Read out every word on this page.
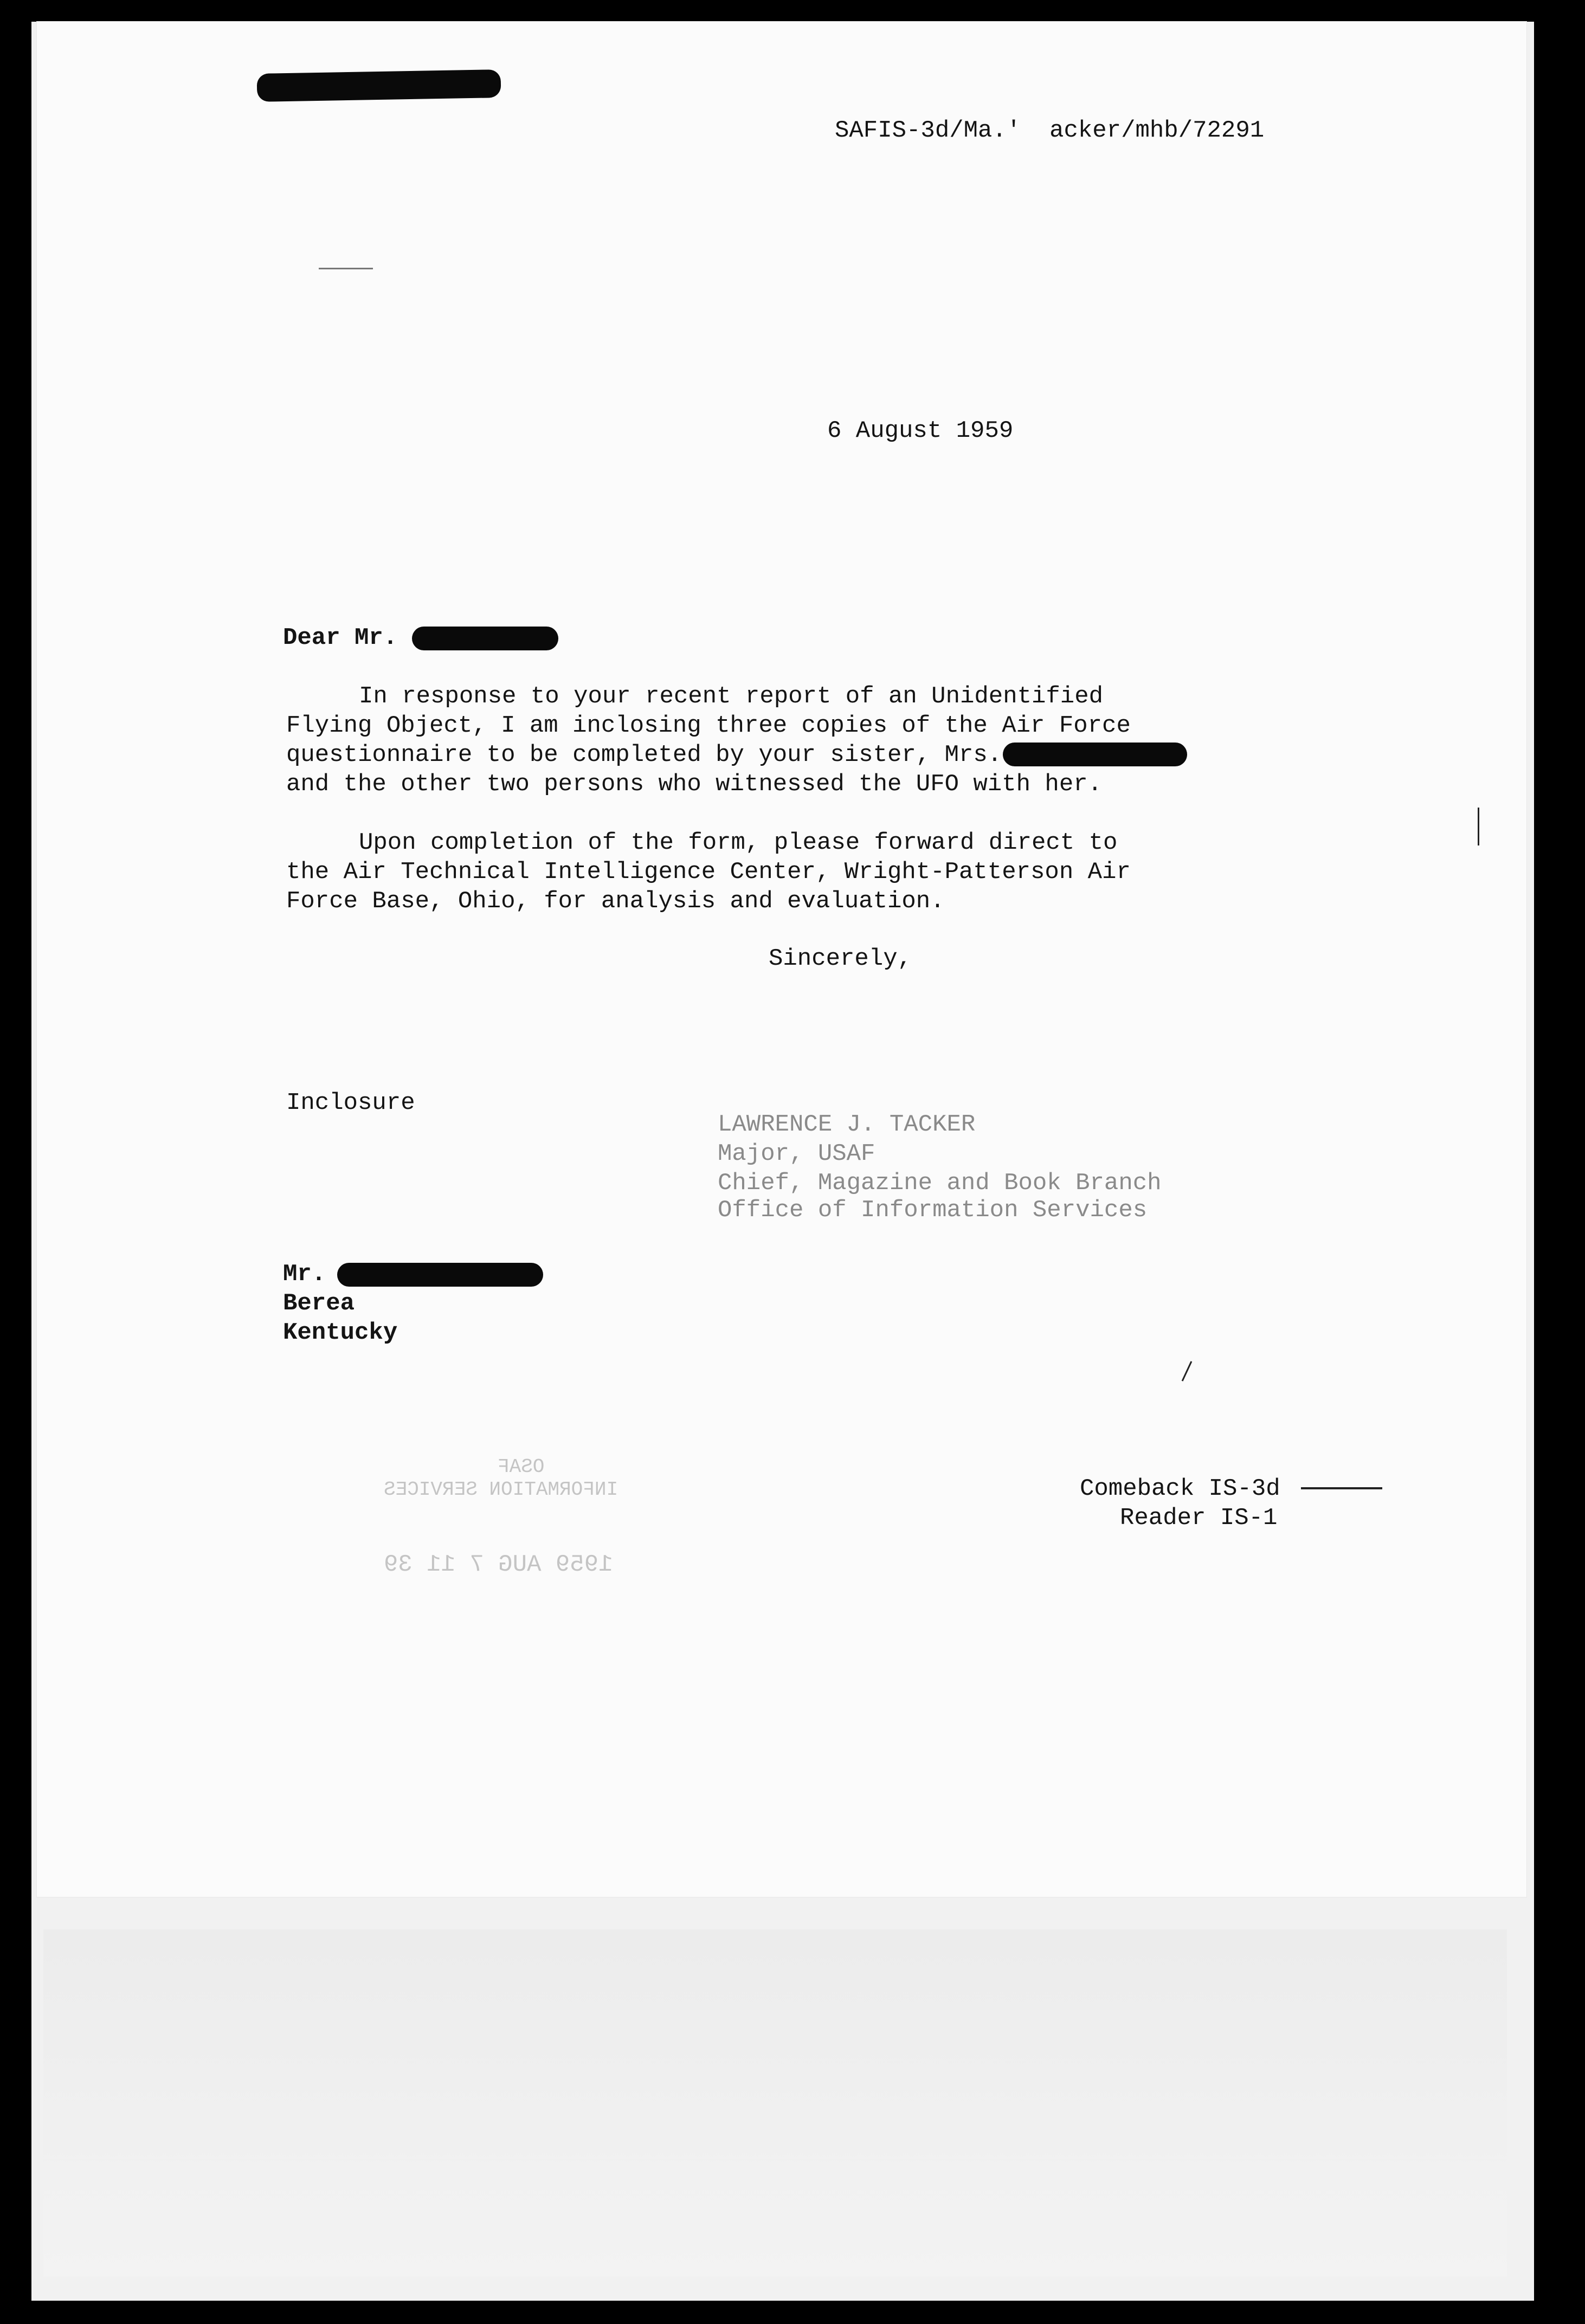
SAFIS-3d/Ma.'  acker/mhb/72291
6 August 1959
Dear Mr.
In response to your recent report of an Unidentified
Flying Object, I am inclosing three copies of the Air Force
questionnaire to be completed by your sister, Mrs.
and the other two persons who witnessed the UFO with her.
Upon completion of the form, please forward direct to
the Air Technical Intelligence Center, Wright-Patterson Air
Force Base, Ohio, for analysis and evaluation.
Sincerely,
Inclosure
LAWRENCE J. TACKER
Major, USAF
Chief, Magazine and Book Branch
Office of Information Services
Mr.
Berea
Kentucky
OSAF
INFORMATION SERVICES
1959 AUG 7 11 39
Comeback IS-3d
Reader IS-1
